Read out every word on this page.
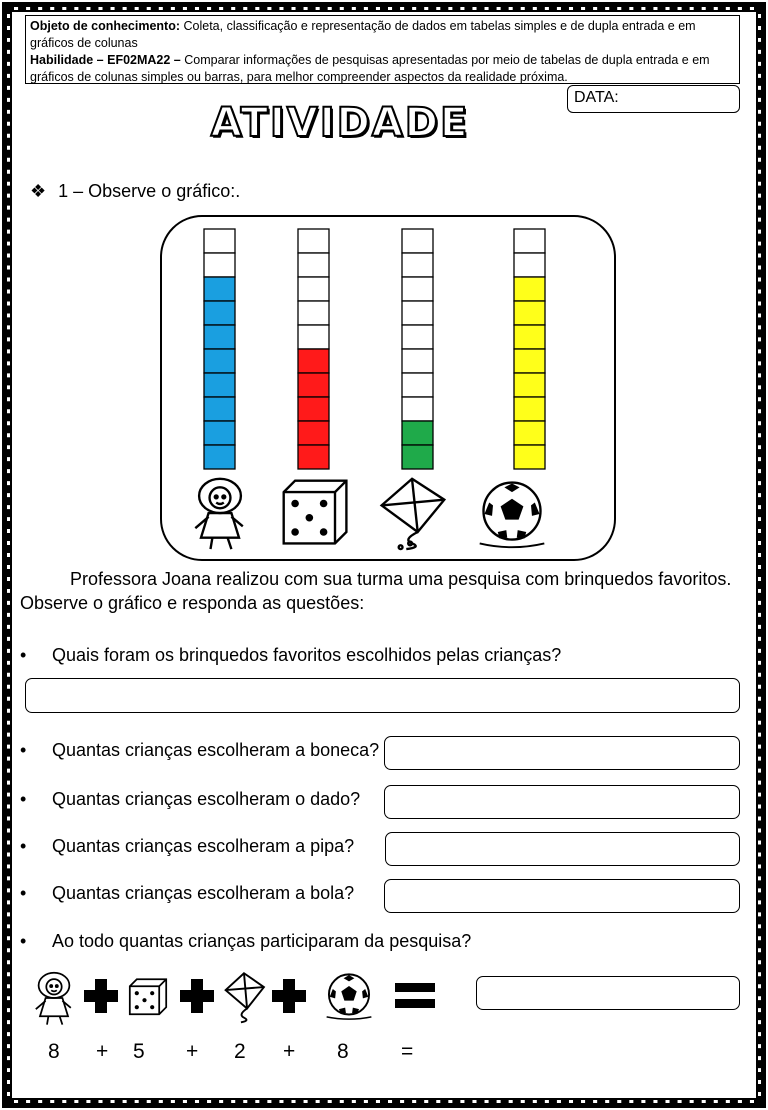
Objeto de conhecimento: Coleta, classificação e representação de dados em tabelas simples e de dupla entrada e em gráficos de colunas
Habilidade – EF02MA22 – Comparar informações de pesquisas apresentadas por meio de tabelas de dupla entrada e em gráficos de colunas simples ou barras, para melhor compreender aspectos da realidade próxima.
DATA:
ATIVIDADE
❖ 1 – Observe o gráfico:.
Professora Joana realizou com sua turma uma pesquisa com brinquedos favoritos. Observe o gráfico e responda as questões:
• Quais foram os brinquedos favoritos escolhidos pelas crianças?
• Quantas crianças escolheram a boneca?
• Quantas crianças escolheram o dado?
• Quantas crianças escolheram a pipa?
• Quantas crianças escolheram a bola?
• Ao todo quantas crianças participaram da pesquisa?
8 + 5 + 2 + 8 =
